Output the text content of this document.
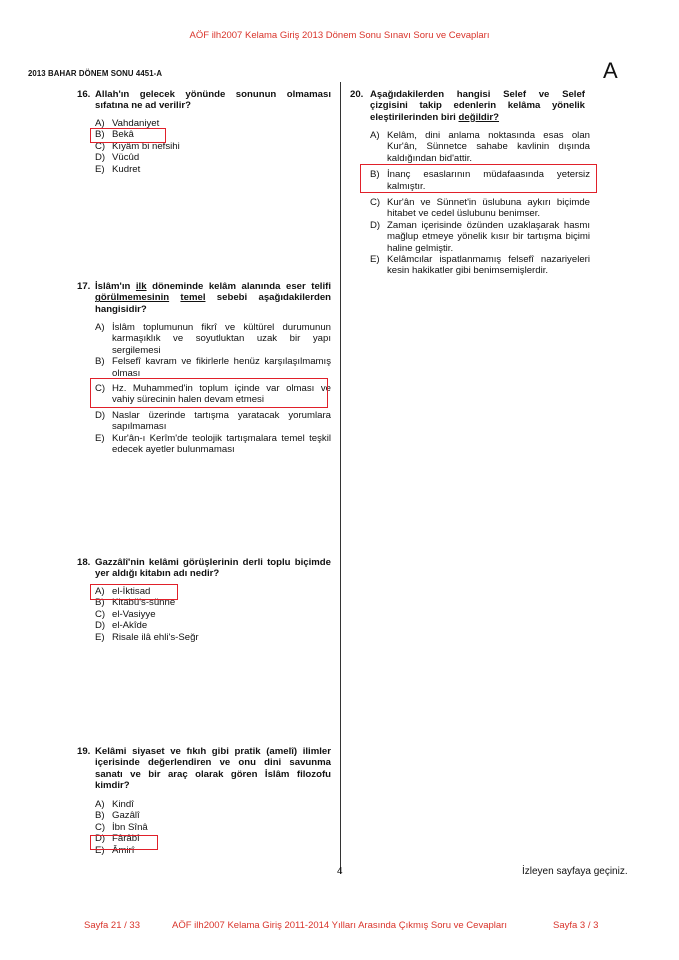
AÖF ilh2007 Kelama Giriş 2013 Dönem Sonu Sınavı Soru ve Cevapları
2013 BAHAR DÖNEM SONU 4451-A	A
16. Allah'ın gelecek yönünde sonunun olmaması sıfatına ne ad verilir?
A) Vahdaniyet
B) Bekâ
C) Kıyâm bi nefsihi
D) Vücûd
E) Kudret
17. İslâm'ın ilk döneminde kelâm alanında eser telifi görülmemesinin temel sebebi aşağıdakilerden hangisidir?
A) İslâm toplumunun fikrî ve kültürel durumunun karmaşıklık ve soyutluktan uzak bir yapı sergilemesi
B) Felsefî kavram ve fikirlerle henüz karşılaşılmamış olması
C) Hz. Muhammed'in toplum içinde var olması ve vahiy sürecinin halen devam etmesi
D) Naslar üzerinde tartışma yaratacak yorumlara sapılmaması
E) Kur'ân-ı Kerîm'de teolojik tartışmalara temel teşkil edecek ayetler bulunmaması
18. Gazzâlî'nin kelâmi görüşlerinin derli toplu biçimde yer aldığı kitabın adı nedir?
A) el-İktisad
B) Kitabü's-sünne
C) el-Vasiyye
D) el-Akîde
E) Risale ilâ ehli's-Seğr
19. Kelâmi siyaset ve fıkıh gibi pratik (amelî) ilimler içerisinde değerlendiren ve onu dini savunma sanatı ve bir araç olarak gören İslâm filozofu kimdir?
A) Kindî
B) Gazâlî
C) İbn Sînâ
D) Fârâbî
E) Âmirî
20. Aşağıdakilerden hangisi Selef ve Selef çizgisini takip edenlerin kelâma yönelik eleştirilerinden biri değildir?
A) Kelâm, dini anlama noktasında esas olan Kur'ân, Sünnetce sahabe kavlinin dışında kaldığından bid'attir.
B) İnanç esaslarının müdafaasında yetersiz kalmıştır.
C) Kur'ân ve Sünnet'in üslubuna aykırı biçimde hitabet ve cedel üslubunu benimser.
D) Zaman içerisinde özünden uzaklaşarak hasmı mağlup etmeye yönelik kısır bir tartışma biçimi haline gelmiştir.
E) Kelâmcılar ispatlanmamış felsefî nazariyeleri kesin hakikatler gibi benimsemişlerdir.
4	İzleyen sayfaya geçiniz.
Sayfa 21 / 33	AÖF ilh2007 Kelama Giriş 2011-2014 Yılları Arasında Çıkmış Soru ve Cevapları	Sayfa 3 / 3
